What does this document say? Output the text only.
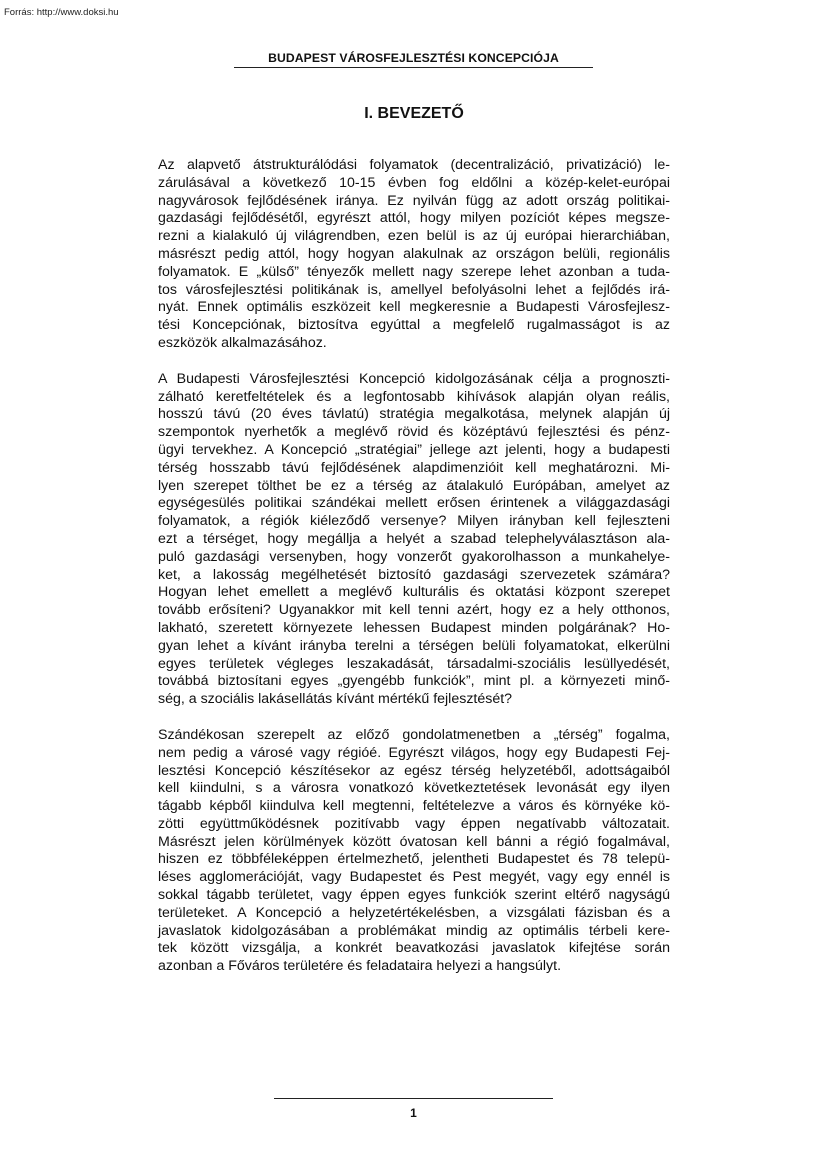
Forrás: http://www.doksi.hu
BUDAPEST VÁROSFEJLESZTÉSI KONCEPCIÓJA
I. BEVEZETŐ

Az alapvető átstrukturálódási folyamatok (decentralizáció, privatizáció) le-
zárulásával a következő 10-15 évben fog eldőlni a közép-kelet-európai
nagyvárosok fejlődésének iránya. Ez nyilván függ az adott ország politikai-
gazdasági fejlődésétől, egyrészt attól, hogy milyen pozíciót képes megsze-
rezni a kialakuló új világrendben, ezen belül is az új európai hierarchiában,
másrészt pedig attól, hogy hogyan alakulnak az országon belüli, regionális
folyamatok. E „külső” tényezők mellett nagy szerepe lehet azonban a tuda-
tos városfejlesztési politikának is, amellyel befolyásolni lehet a fejlődés irá-
nyát. Ennek optimális eszközeit kell megkeresnie a Budapesti Városfejlesz-
tési Koncepciónak, biztosítva egyúttal a megfelelő rugalmasságot is az
eszközök alkalmazásához.

A Budapesti Városfejlesztési Koncepció kidolgozásának célja a prognoszti-
zálható keretfeltételek és a legfontosabb kihívások alapján olyan reális,
hosszú távú (20 éves távlatú) stratégia megalkotása, melynek alapján új
szempontok nyerhetők a meglévő rövid és középtávú fejlesztési és pénz-
ügyi tervekhez. A Koncepció „stratégiai” jellege azt jelenti, hogy a budapesti
térség hosszabb távú fejlődésének alapdimenzióit kell meghatározni. Mi-
lyen szerepet tölthet be ez a térség az átalakuló Európában, amelyet az
egységesülés politikai szándékai mellett erősen érintenek a világgazdasági
folyamatok, a régiók kiéleződő versenye? Milyen irányban kell fejleszteni
ezt a térséget, hogy megállja a helyét a szabad telephelyválasztáson ala-
puló gazdasági versenyben, hogy vonzerőt gyakorolhasson a munkahelye-
ket, a lakosság megélhetését biztosító gazdasági szervezetek számára?
Hogyan lehet emellett a meglévő kulturális és oktatási központ szerepet
tovább erősíteni? Ugyanakkor mit kell tenni azért, hogy ez a hely otthonos,
lakható, szeretett környezete lehessen Budapest minden polgárának? Ho-
gyan lehet a kívánt irányba terelni a térségen belüli folyamatokat, elkerülni
egyes területek végleges leszakadását, társadalmi-szociális lesüllyedését,
továbbá biztosítani egyes „gyengébb funkciók”, mint pl. a környezeti minő-
ség, a szociális lakásellátás kívánt mértékű fejlesztését?

Szándékosan szerepelt az előző gondolatmenetben a „térség” fogalma,
nem pedig a városé vagy régióé. Egyrészt világos, hogy egy Budapesti Fej-
lesztési Koncepció készítésekor az egész térség helyzetéből, adottságaiból
kell kiindulni, s a városra vonatkozó következtetések levonását egy ilyen
tágabb képből kiindulva kell megtenni, feltételezve a város és környéke kö-
zötti együttműködésnek pozitívabb vagy éppen negatívabb változatait.
Másrészt jelen körülmények között óvatosan kell bánni a régió fogalmával,
hiszen ez többféleképpen értelmezhető, jelentheti Budapestet és 78 telepü-
léses agglomerációját, vagy Budapestet és Pest megyét, vagy egy ennél is
sokkal tágabb területet, vagy éppen egyes funkciók szerint eltérő nagyságú
területeket. A Koncepció a helyzetértékelésben, a vizsgálati fázisban és a
javaslatok kidolgozásában a problémákat mindig az optimális térbeli kere-
tek között vizsgálja, a konkrét beavatkozási javaslatok kifejtése során
azonban a Főváros területére és feladataira helyezi a hangsúlyt.

1
